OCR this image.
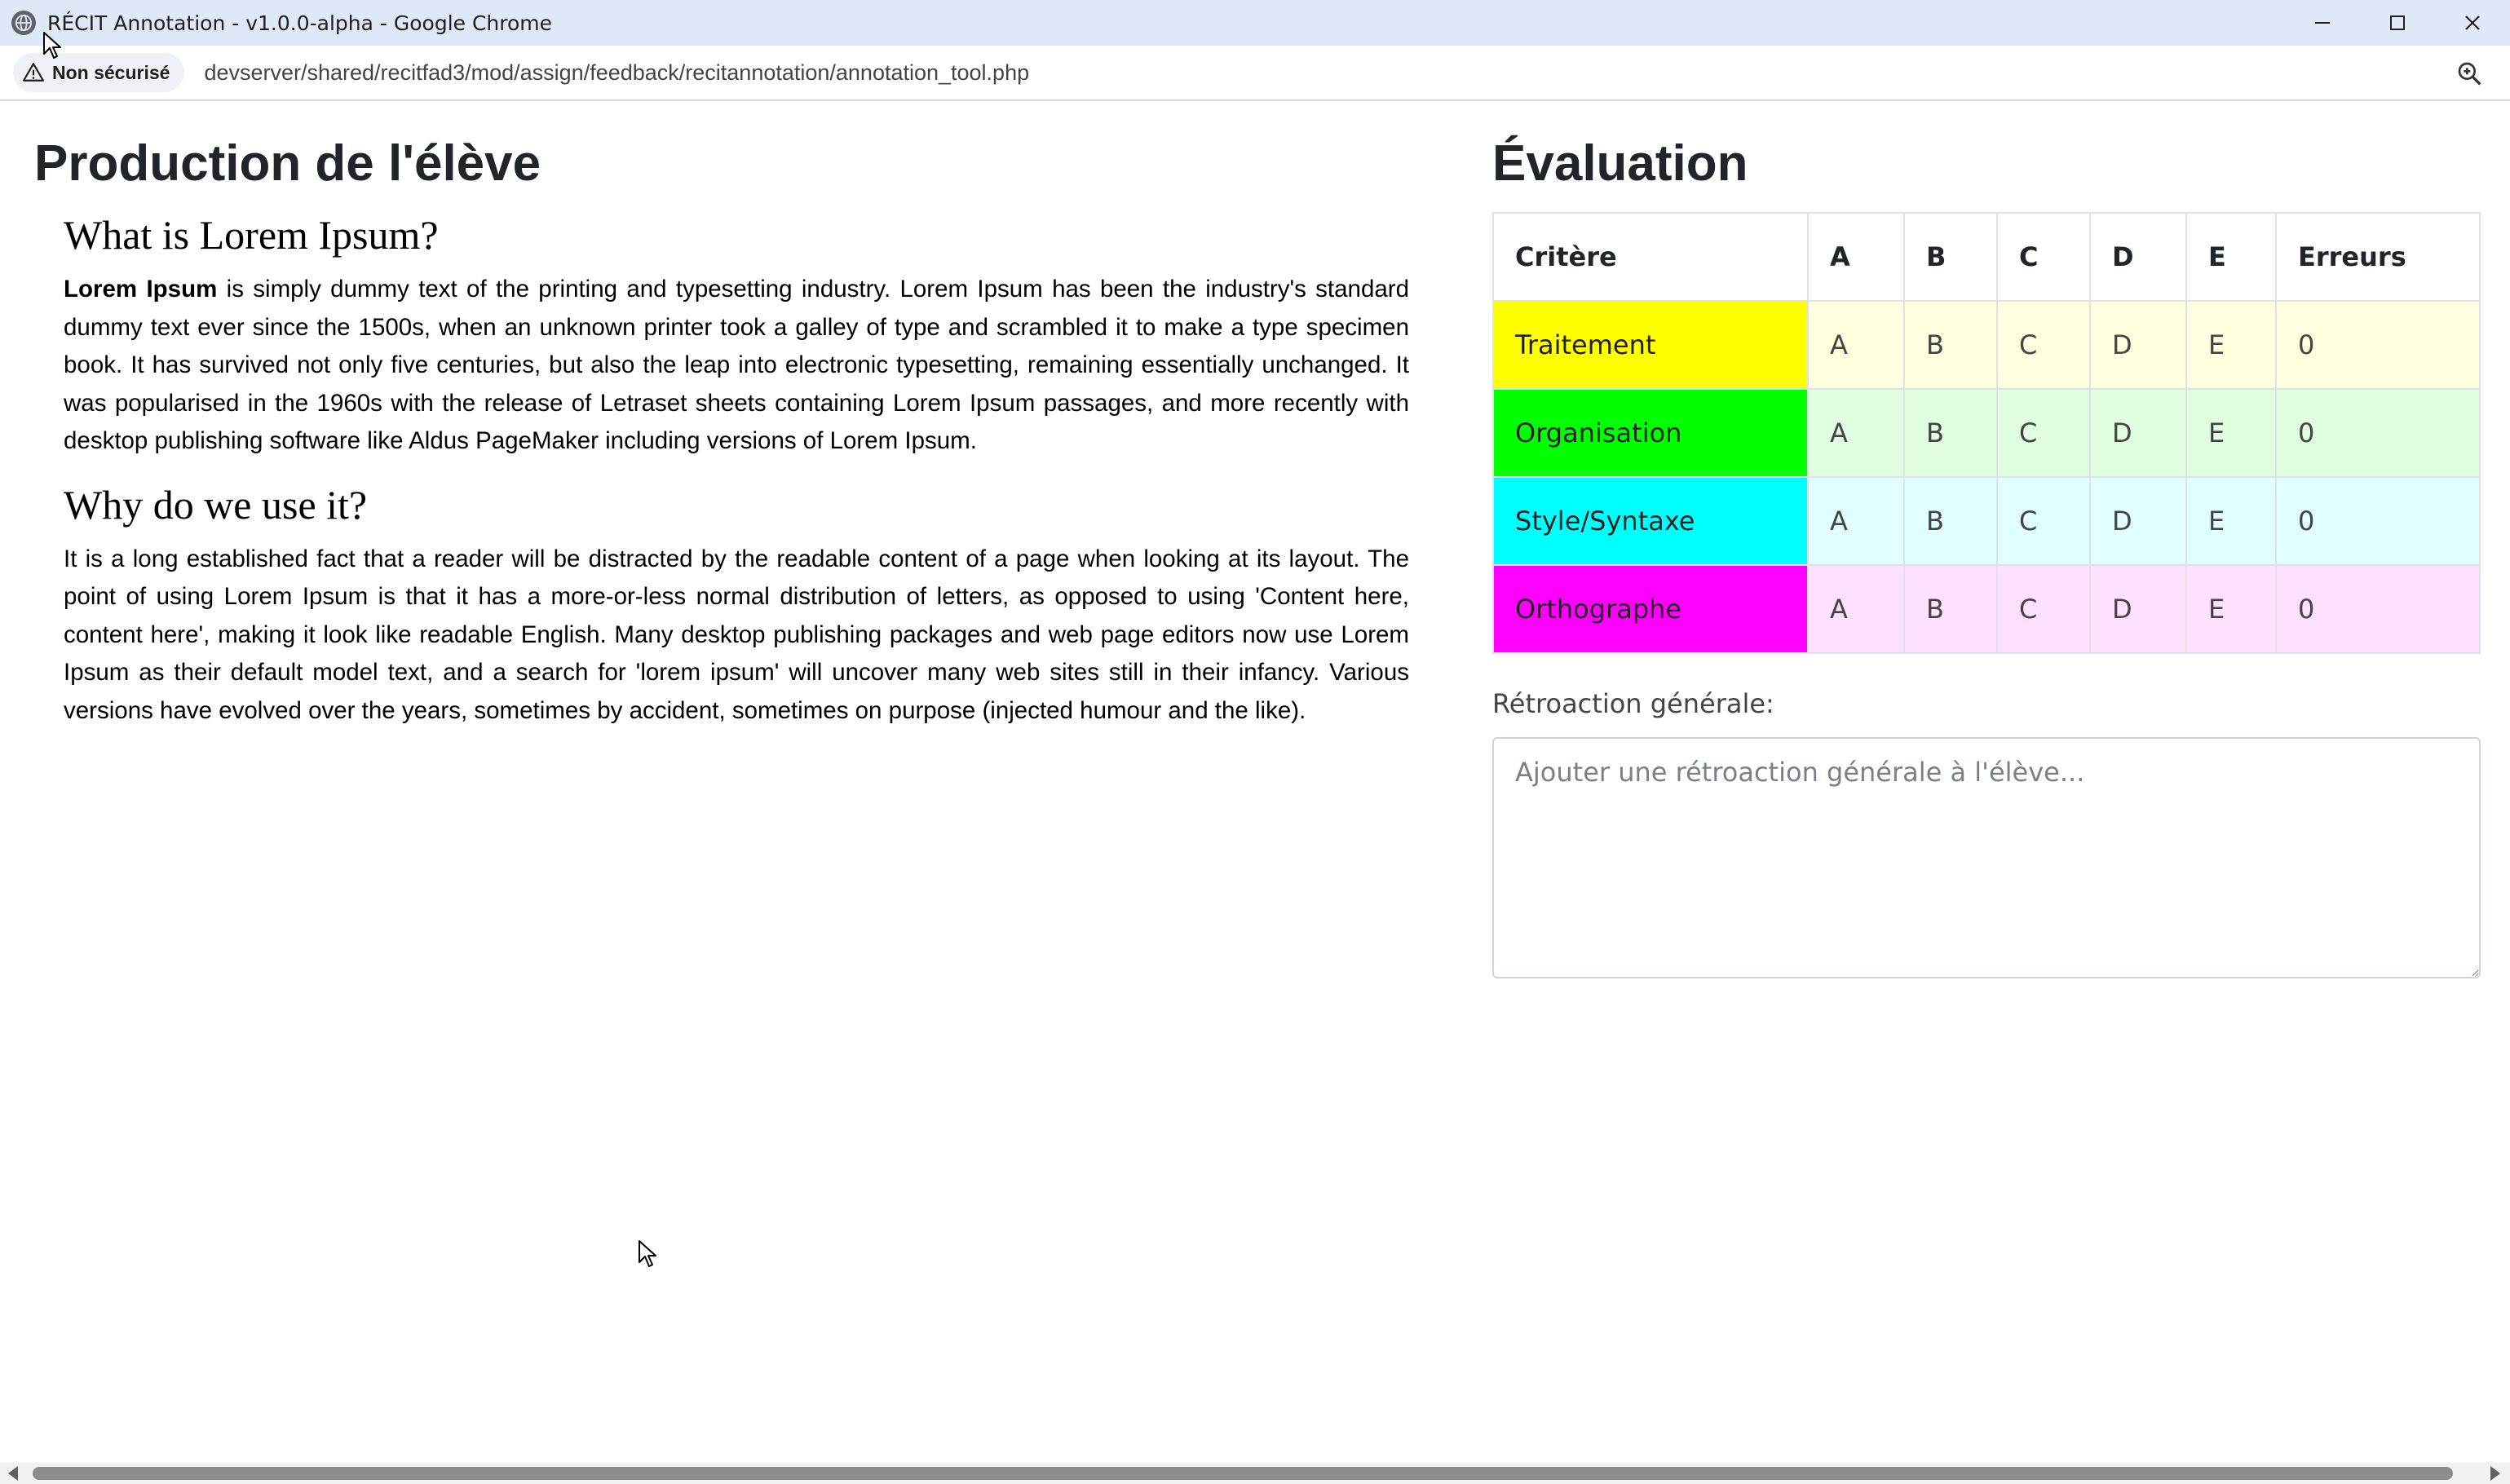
RÉCIT Annotation - v1.0.0-alpha - Google Chrome
Non sécurisé devserver/shared/recitfad3/mod/assign/feedback/recitannotation/annotation_tool.php
Production de l'élève
What is Lorem Ipsum?

Lorem Ipsum is simply dummy text of the printing and typesetting industry. Lorem Ipsum has been the industry's standard dummy text ever since the 1500s, when an unknown printer took a galley of type and scrambled it to make a type specimen book. It has survived not only five centuries, but also the leap into electronic typesetting, remaining essentially unchanged. It was popularised in the 1960s with the release of Letraset sheets containing Lorem Ipsum passages, and more recently with desktop publishing software like Aldus PageMaker including versions of Lorem Ipsum.

Why do we use it?

It is a long established fact that a reader will be distracted by the readable content of a page when looking at its layout. The point of using Lorem Ipsum is that it has a more-or-less normal distribution of letters, as opposed to using 'Content here, content here', making it look like readable English. Many desktop publishing packages and web page editors now use Lorem Ipsum as their default model text, and a search for 'lorem ipsum' will uncover many web sites still in their infancy. Various versions have evolved over the years, sometimes by accident, sometimes on purpose (injected humour and the like).

Évaluation
Critère	A	B	C	D	E	Erreurs
Traitement	A	B	C	D	E	0
Organisation	A	B	C	D	E	0
Style/Syntaxe	A	B	C	D	E	0
Orthographe	A	B	C	D	E	0
Rétroaction générale:
Ajouter une rétroaction générale à l'élève...
